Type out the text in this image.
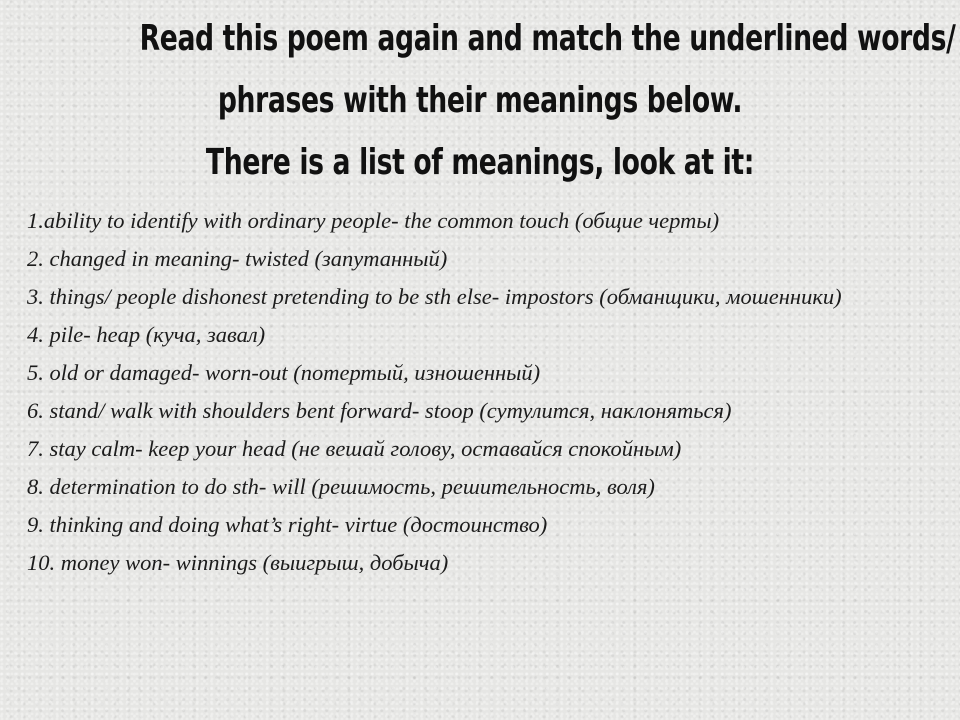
Read this poem again and match the underlined words/
phrases with their meanings below.
There is a list of meanings, look at it:
1.ability to identify with ordinary people- the common touch (общие черты)
2. changed in meaning- twisted (запутанный)
3. things/ people dishonest pretending to be sth else- impostors (обманщики, мошенники)
4. pile- heap (куча, завал)
5. old or damaged- worn-out (потертый, изношенный)
6. stand/ walk with shoulders bent forward- stoop (сутулится, наклоняться)
7. stay calm- keep your head (не вешай голову, оставайся спокойным)
8. determination to do sth- will (решимость, решительность, воля)
9. thinking and doing what’s right- virtue (достоинство)
10. money won- winnings (выигрыш, добыча)
